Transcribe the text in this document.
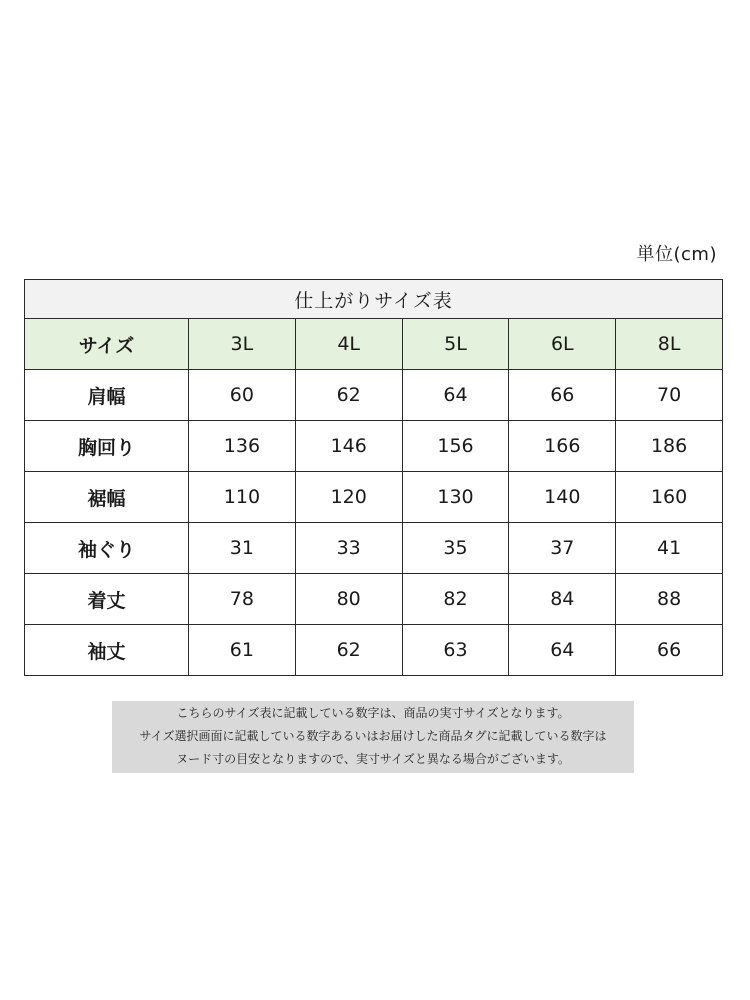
単位(cm)
仕上がりサイズ表					
サイズ	3L	4L	5L	6L	8L
肩幅	60	62	64	66	70
胸回り	136	146	156	166	186
裾幅	110	120	130	140	160
袖ぐり	31	33	35	37	41
着丈	78	80	82	84	88
袖丈	61	62	63	64	66
こちらのサイズ表に記載している数字は、商品の実寸サイズとなります。
サイズ選択画面に記載している数字あるいはお届けした商品タグに記載している数字は
ヌード寸の目安となりますので、実寸サイズと異なる場合がございます。
